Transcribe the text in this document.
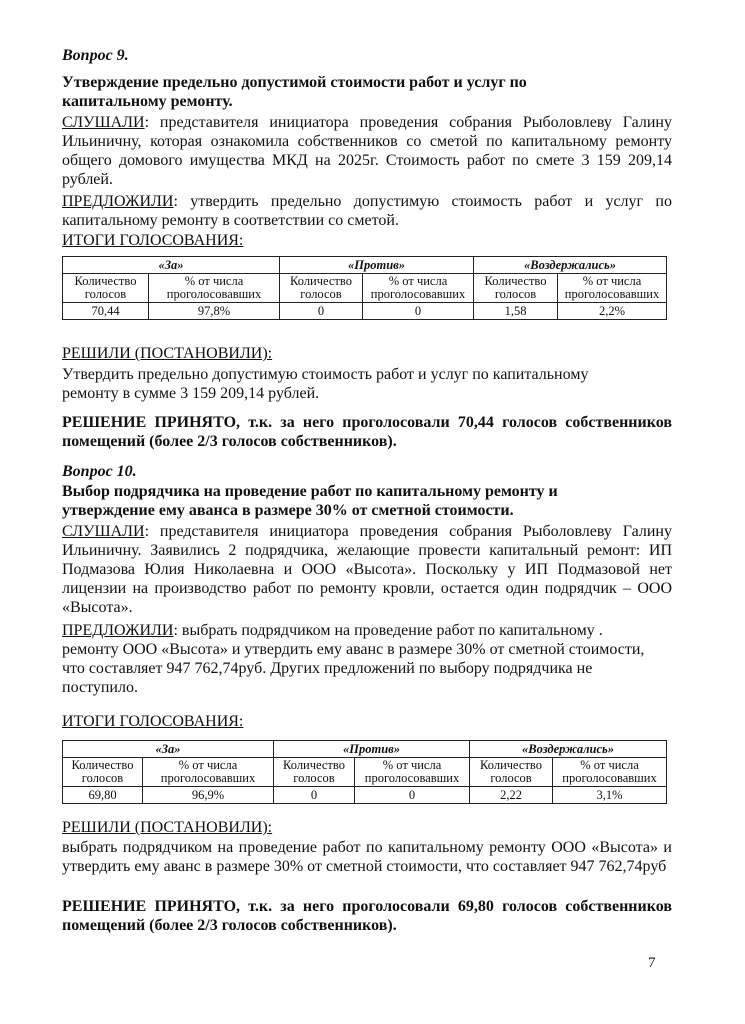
Вопрос 9.
Утверждение предельно допустимой стоимости работ и услуг по капитальному ремонту.
СЛУШАЛИ: представителя инициатора проведения собрания Рыболовлеву Галину Ильиничну, которая ознакомила собственников со сметой по капитальному ремонту общего домового имущества МКД на 2025г. Стоимость работ по смете 3 159 209,14 рублей.
ПРЕДЛОЖИЛИ: утвердить предельно допустимую стоимость работ и услуг по капитальному ремонту в соответствии со сметой.
ИТОГИ ГОЛОСОВАНИЯ:
«За»		«Против»		«Воздержались»	
Количество голосов	% от числа проголосовавших	Количество голосов	% от числа проголосовавших	Количество голосов	% от числа проголосовавших
70,44	97,8%	0	0	1,58	2,2%
РЕШИЛИ (ПОСТАНОВИЛИ):
Утвердить предельно допустимую стоимость работ и услуг по капитальному ремонту в сумме 3 159 209,14 рублей.
РЕШЕНИЕ ПРИНЯТО, т.к. за него проголосовали 70,44 голосов собственников помещений (более 2/3 голосов собственников).
Вопрос 10.
Выбор подрядчика на проведение работ по капитальному ремонту и утверждение ему аванса в размере 30% от сметной стоимости.
СЛУШАЛИ: представителя инициатора проведения собрания Рыболовлеву Галину Ильиничну. Заявились 2 подрядчика, желающие провести капитальный ремонт: ИП Подмазова Юлия Николаевна и ООО «Высота». Поскольку у ИП Подмазовой нет лицензии на производство работ по ремонту кровли, остается один подрядчик – ООО «Высота».
ПРЕДЛОЖИЛИ: выбрать подрядчиком на проведение работ по капитальному . ремонту ООО «Высота» и утвердить ему аванс в размере 30% от сметной стоимости, что составляет 947 762,74руб. Других предложений по выбору подрядчика не поступило.
ИТОГИ ГОЛОСОВАНИЯ:
«За»		«Против»		«Воздержались»	
Количество голосов	% от числа проголосовавших	Количество голосов	% от числа проголосовавших	Количество голосов	% от числа проголосовавших
69,80	96,9%	0	0	2,22	3,1%
РЕШИЛИ (ПОСТАНОВИЛИ):
выбрать подрядчиком на проведение работ по капитальному ремонту ООО «Высота» и утвердить ему аванс в размере 30% от сметной стоимости, что составляет 947 762,74руб
РЕШЕНИЕ ПРИНЯТО, т.к. за него проголосовали 69,80 голосов собственников помещений (более 2/3 голосов собственников).
7
